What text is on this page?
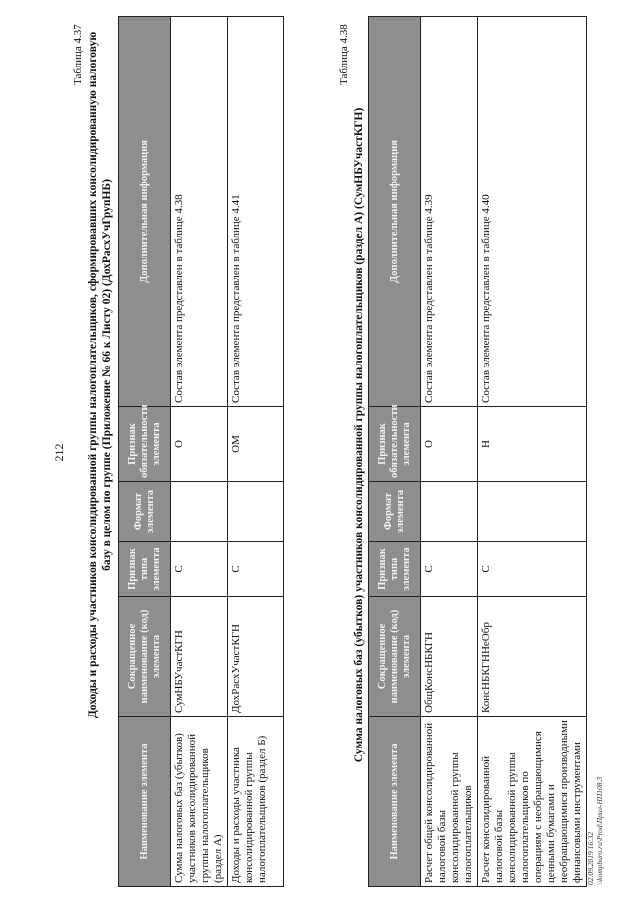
212
Таблица 4.37 Доходы и расходы участников консолидированной группы налогоплательщиков, сформировавших консолидированную налоговую базу в целом по группе (Приложение № 66 к Листу 02) (ДохРасхУчГрупНБ)
Наименование элемента	Сокращенное наименование (код) элемента	Признак типа элемента	Формат элемента	Признак обязательности элемента	Дополнительная информация
Сумма налоговых баз (убытков) участников консолидированной группы налогоплательщиков (раздел А)	СумНБУчастКГН	С		О	Состав элемента представлен в таблице 4.38
Доходы и расходы участника консолидированной группы налогоплательщиков (раздел Б)	ДохРасхУчастКГН	С		ОМ	Состав элемента представлен в таблице 4.41
Таблица 4.38
Сумма налоговых баз (убытков) участников консолидированной группы налогоплательщиков (раздел А) (СумНБУчастКГН)
Наименование элемента	Сокращенное наименование (код) элемента	Признак типа элемента	Формат элемента	Признак обязательности элемента	Дополнительная информация
Расчет общей консолидированной налоговой базы консолидированной группы налогоплательщиков	ОбщКонсНБКГН	С		О	Состав элемента представлен в таблице 4.39
Расчет консолидированной налоговой базы консолидированной группы налогоплательщиков по операциям с необращающимися ценными бумагами и необращающимися производными финансовыми инструментами	КонсНБКГННеОбр	С		Н	Состав элемента представлен в таблице 4.40
02.09.2019 16:32 \\kompburo.ru\Prod\Прил-НП108.3
